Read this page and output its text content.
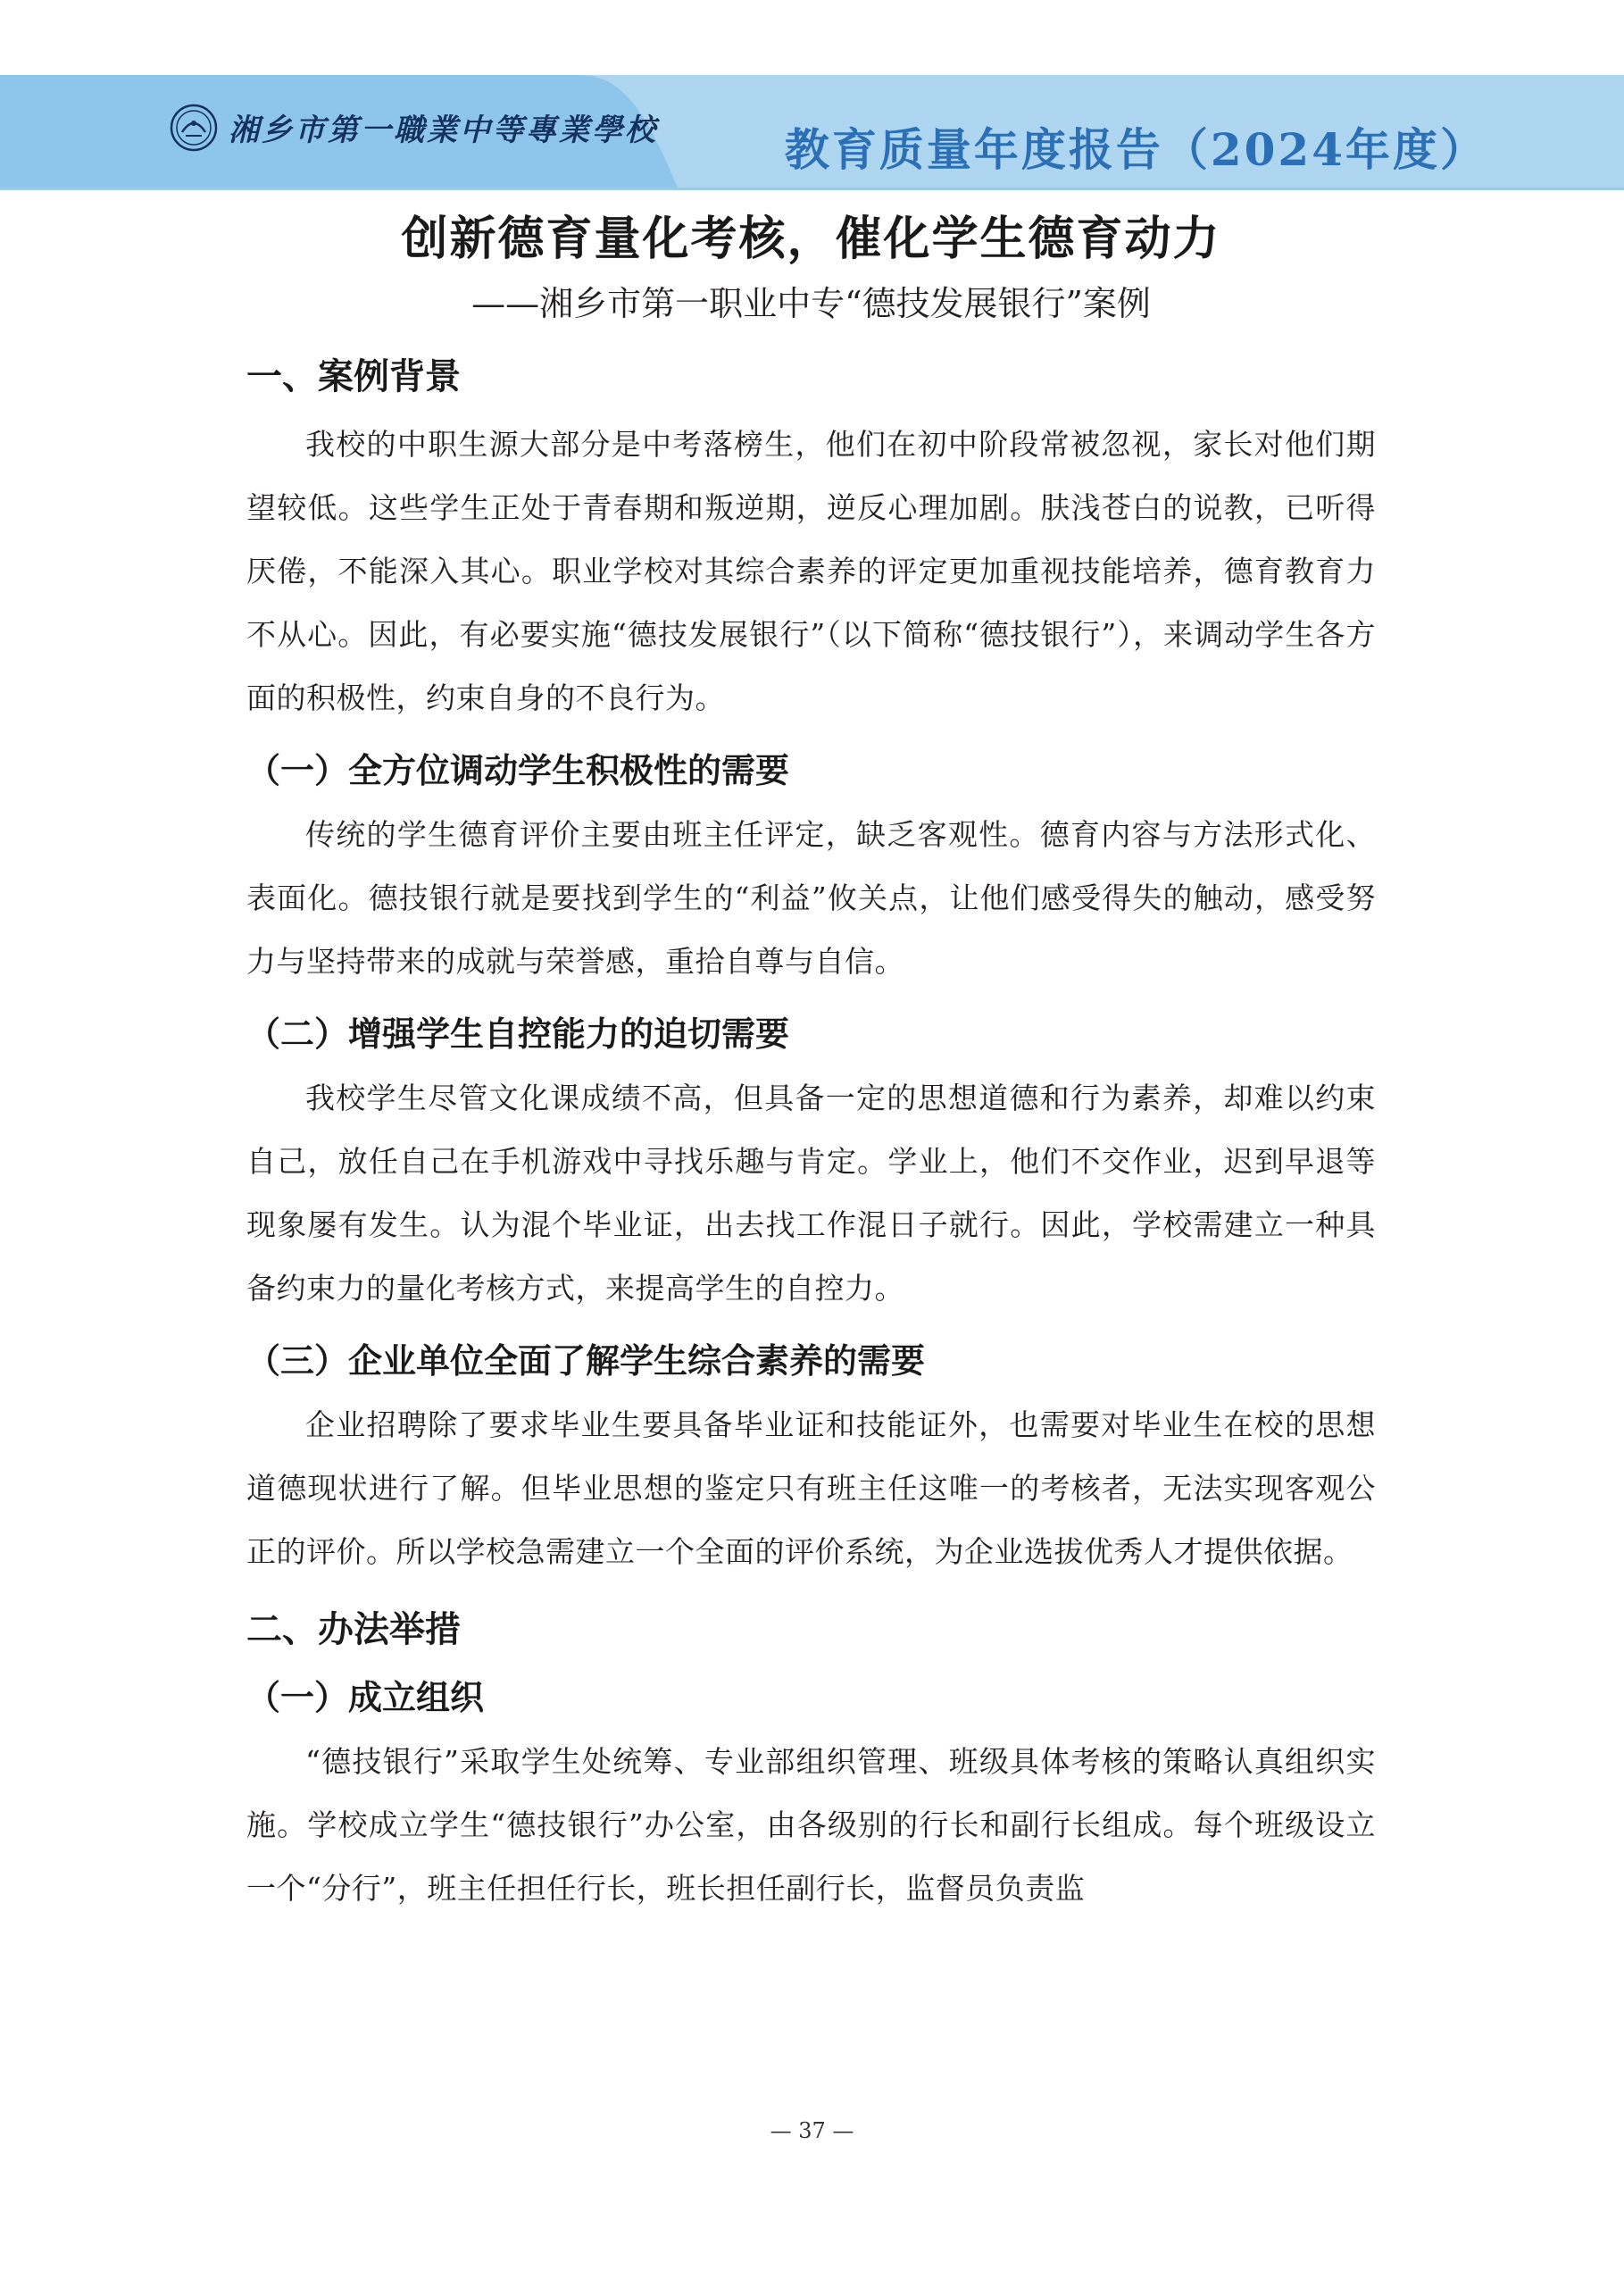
湘乡市第一職業中等專業學校	教育质量年度报告（2024年度）
创新德育量化考核，催化学生德育动力

——湘乡市第一职业中专“德技发展银行”案例

一、案例背景

我校的中职生源大部分是中考落榜生，他们在初中阶段常被忽视，家长对他们期望较低。这些学生正处于青春期和叛逆期，逆反心理加剧。肤浅苍白的说教，已听得厌倦，不能深入其心。职业学校对其综合素养的评定更加重视技能培养，德育教育力不从心。因此，有必要实施“德技发展银行”（以下简称“德技银行”），来调动学生各方面的积极性，约束自身的不良行为。

（一）全方位调动学生积极性的需要

传统的学生德育评价主要由班主任评定，缺乏客观性。德育内容与方法形式化、表面化。德技银行就是要找到学生的“利益”攸关点，让他们感受得失的触动，感受努力与坚持带来的成就与荣誉感，重拾自尊与自信。

（二）增强学生自控能力的迫切需要

我校学生尽管文化课成绩不高，但具备一定的思想道德和行为素养，却难以约束自己，放任自己在手机游戏中寻找乐趣与肯定。学业上，他们不交作业，迟到早退等现象屡有发生。认为混个毕业证，出去找工作混日子就行。因此，学校需建立一种具备约束力的量化考核方式，来提高学生的自控力。

（三）企业单位全面了解学生综合素养的需要

企业招聘除了要求毕业生要具备毕业证和技能证外，也需要对毕业生在校的思想道德现状进行了解。但毕业思想的鉴定只有班主任这唯一的考核者，无法实现客观公正的评价。所以学校急需建立一个全面的评价系统，为企业选拔优秀人才提供依据。

二、办法举措
（一）成立组织

“德技银行”采取学生处统筹、专业部组织管理、班级具体考核的策略认真组织实施。学校成立学生“德技银行”办公室，由各级别的行长和副行长组成。每个班级设立一个“分行”，班主任担任行长，班长担任副行长，监督员负责监

— 37 —
